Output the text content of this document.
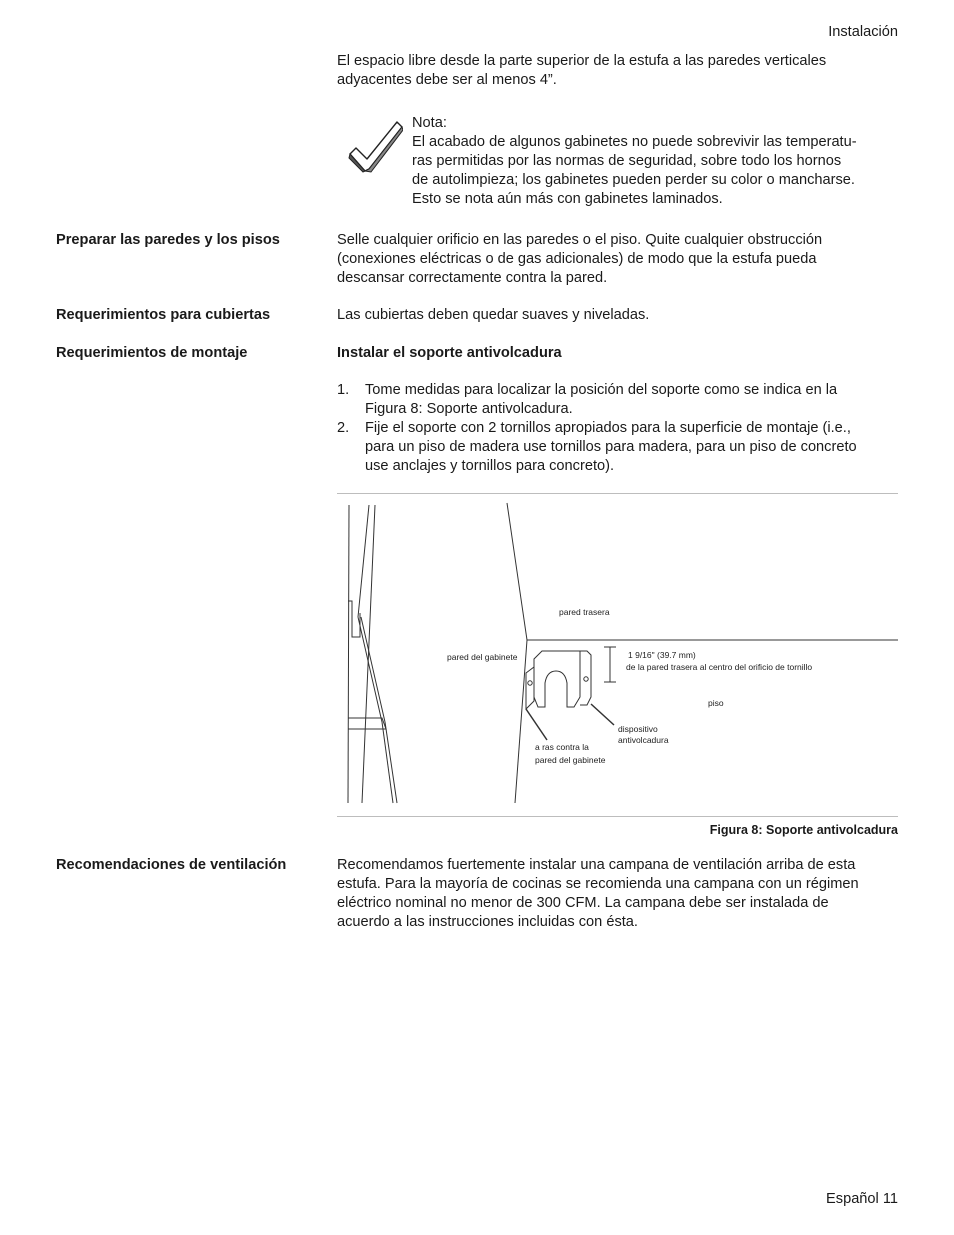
Instalación
El espacio libre desde la parte superior de la estufa a las paredes verticales adyacentes debe ser al menos 4”.
Nota:
El acabado de algunos gabinetes no puede sobrevivir las temperatu-
ras permitidas por las normas de seguridad, sobre todo los hornos
de autolimpieza; los gabinetes pueden perder su color o mancharse.
Esto se nota aún más con gabinetes laminados.
Preparar las paredes y los pisos	Selle cualquier orificio en las paredes o el piso. Quite cualquier obstrucción
(conexiones eléctricas o de gas adicionales) de modo que la estufa pueda
descansar correctamente contra la pared.
Requerimientos para cubiertas	Las cubiertas deben quedar suaves y niveladas.
Requerimientos de montaje	Instalar el soporte antivolcadura
1. Tome medidas para localizar la posición del soporte como se indica en la
Figura 8: Soporte antivolcadura.
2. Fije el soporte con 2 tornillos apropiados para la superficie de montaje (i.e.,
para un piso de madera use tornillos para madera, para un piso de concreto
use anclajes y tornillos para concreto).
pared trasera
pared del gabinete	1 9/16" (39.7 mm)
de la pared trasera al centro del orificio de tornillo
piso
dispositivo
antivolcadura
a ras contra la
pared del gabinete
Figura 8: Soporte antivolcadura
Recomendaciones de ventilación	Recomendamos fuertemente instalar una campana de ventilación arriba de esta
estufa. Para la mayoría de cocinas se recomienda una campana con un régimen
eléctrico nominal no menor de 300 CFM. La campana debe ser instalada de
acuerdo a las instrucciones incluidas con ésta.
Español 11
